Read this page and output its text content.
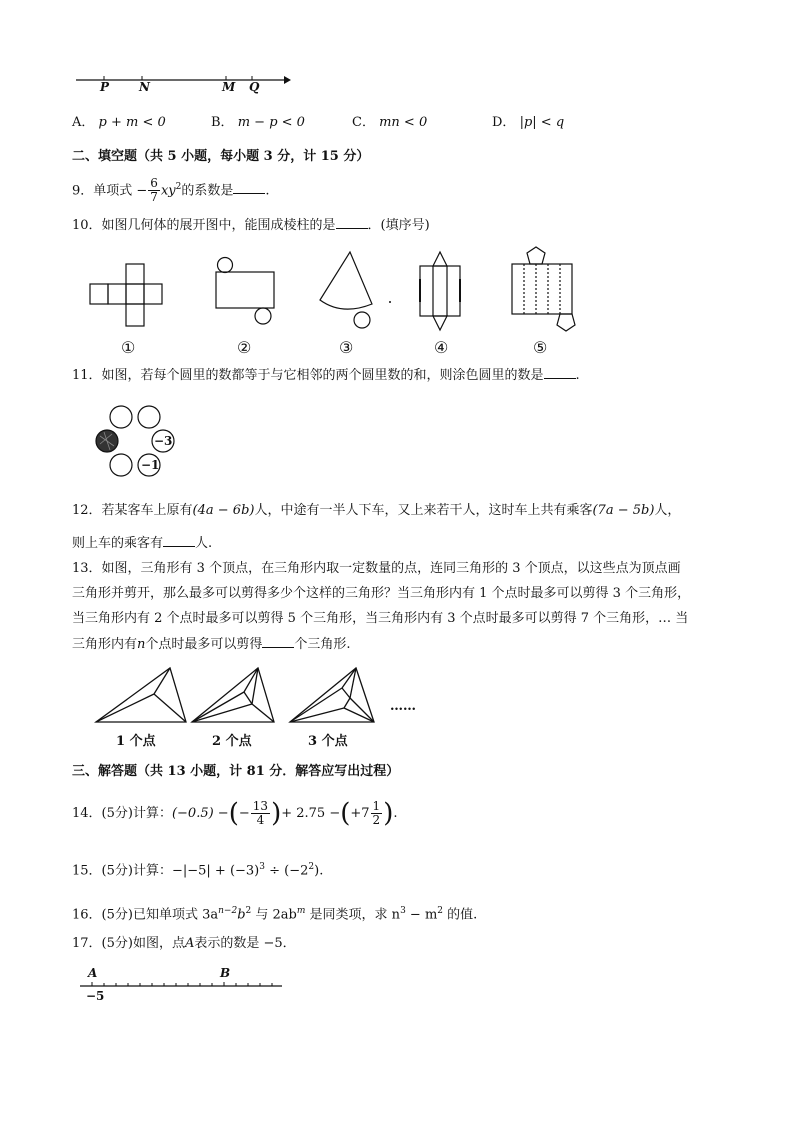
P N	M Q
A． p + m < 0	B． m − p < 0	C． mn < 0	D． |p| < q
二、填空题（共 5 小题，每小题 3 分，计 15 分）
9．单项式 − $\frac{6}{7} xy^2$的系数是 .
10．如图几何体的展开图中，能围成棱柱的是 ．(填序号)
①	②	③	④	⑤
11．如图，若每个圆里的数都等于与它相邻的两个圆里数的和，则涂色圆里的数是 .
−3
−1
12．若某客车上原有(4a − 6b)人，中途有一半人下车，又上来若干人，这时车上共有乘客(7a − 5b)人，
则上车的乘客有 人.
13．如图，三角形有 3 个顶点，在三角形内取一定数量的点，连同三角形的 3 个顶点，以这些点为顶点画
三角形并剪开，那么最多可以剪得多少个这样的三角形？当三角形内有 1 个点时最多可以剪得 3 个三角形，
当三角形内有 2 个点时最多可以剪得 5 个三角形，当三角形内有 3 个点时最多可以剪得 7 个三角形，… 当
三角形内有n个点时最多可以剪得 个三角形.
……
1 个点	2 个点	3 个点
三、解答题（共 13 小题，计 81 分．解答应写出过程）
14．(5分)计算：(−0.5) −(− $\frac{13}{4}$ )+ $2.75 -(+7 \frac{1}{2}$ ).
15．(5分)计算：$-|-5| + (-3)^3 \div (-2^2)$.
16．(5分)已知单项式 $3a^{n-2}b^2$ 与 $2ab^m$ 是同类项，求 $n^3 - m^2$ 的值.
17．(5分)如图，点A表示的数是 −5．
A	B
−5
